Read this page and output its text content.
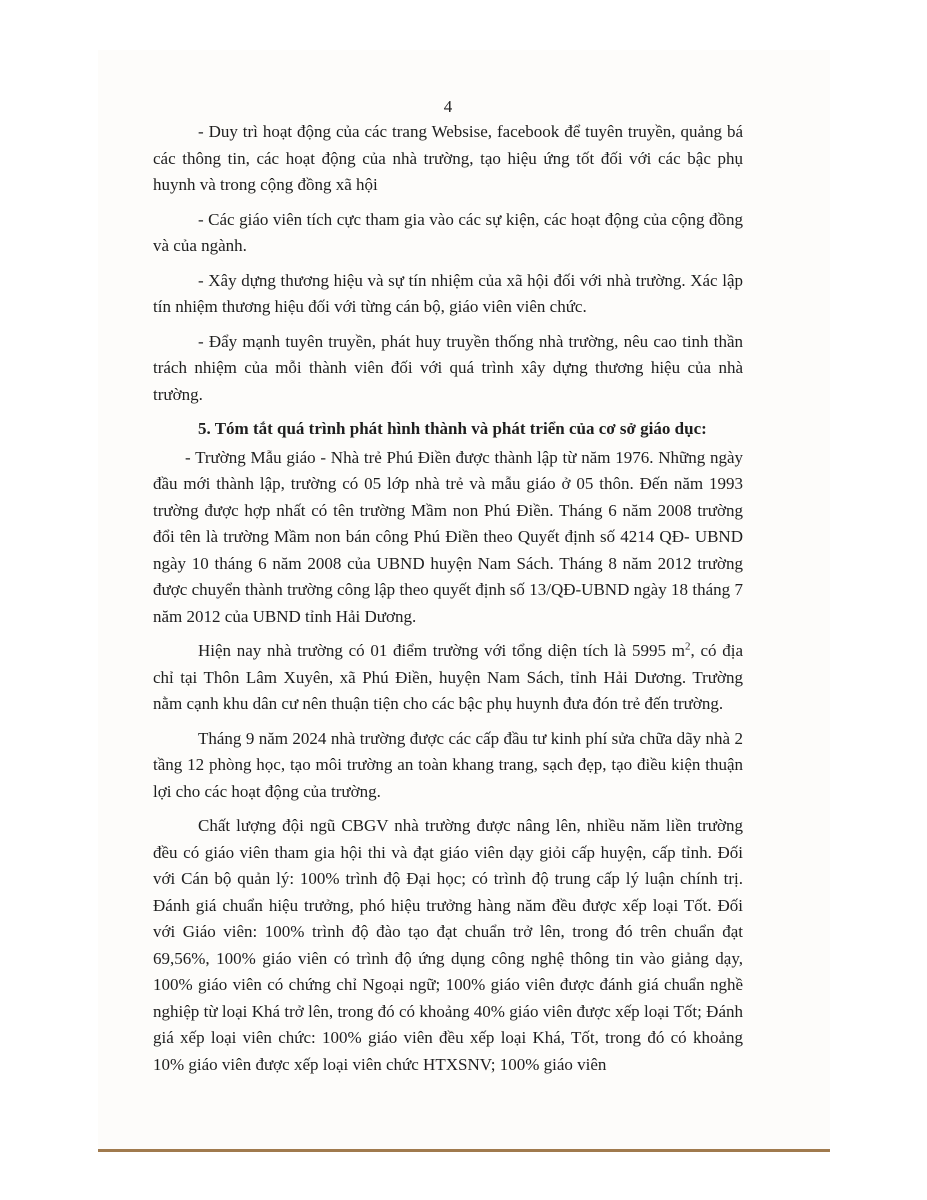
4

- Duy trì hoạt động của các trang Websise, facebook để tuyên truyền, quảng bá các thông tin, các hoạt động của nhà trường, tạo hiệu ứng tốt đối với các bậc phụ huynh và trong cộng đồng xã hội

- Các giáo viên tích cực tham gia vào các sự kiện, các hoạt động của cộng đồng và của ngành.

- Xây dựng thương hiệu và sự tín nhiệm của xã hội đối với nhà trường. Xác lập tín nhiệm thương hiệu đối với từng cán bộ, giáo viên viên chức.

- Đẩy mạnh tuyên truyền, phát huy truyền thống nhà trường, nêu cao tinh thần trách nhiệm của mỗi thành viên đối với quá trình xây dựng thương hiệu của nhà trường.

5. Tóm tắt quá trình phát hình thành và phát triển của cơ sở giáo dục:

- Trường Mẫu giáo - Nhà trẻ Phú Điền được thành lập từ năm 1976. Những ngày đầu mới thành lập, trường có 05 lớp nhà trẻ và mẫu giáo ở 05 thôn. Đến năm 1993 trường được hợp nhất có tên trường Mầm non Phú Điền. Tháng 6 năm 2008 trường đổi tên là trường Mầm non bán công Phú Điền theo Quyết định số 4214 QĐ- UBND ngày 10 tháng 6 năm 2008 của UBND huyện Nam Sách. Tháng 8 năm 2012 trường được chuyển thành trường công lập theo quyết định số 13/QĐ-UBND ngày 18 tháng 7 năm 2012 của UBND tỉnh Hải Dương.

Hiện nay nhà trường có 01 điểm trường với tổng diện tích là 5995 $m^2$, có địa chỉ tại Thôn Lâm Xuyên, xã Phú Điền, huyện Nam Sách, tỉnh Hải Dương. Trường nằm cạnh khu dân cư nên thuận tiện cho các bậc phụ huynh đưa đón trẻ đến trường.

Tháng 9 năm 2024 nhà trường được các cấp đầu tư kinh phí sửa chữa dãy nhà 2 tầng 12 phòng học, tạo môi trường an toàn khang trang, sạch đẹp, tạo điều kiện thuận lợi cho các hoạt động của trường.

Chất lượng đội ngũ CBGV nhà trường được nâng lên, nhiều năm liền trường đều có giáo viên tham gia hội thi và đạt giáo viên dạy giỏi cấp huyện, cấp tỉnh. Đối với Cán bộ quản lý: 100% trình độ Đại học; có trình độ trung cấp lý luận chính trị. Đánh giá chuẩn hiệu trưởng, phó hiệu trưởng hàng năm đều được xếp loại Tốt. Đối với Giáo viên: 100% trình độ đào tạo đạt chuẩn trở lên, trong đó trên chuẩn đạt 69,56%, 100% giáo viên có trình độ ứng dụng công nghệ thông tin vào giảng dạy, 100% giáo viên có chứng chỉ Ngoại ngữ; 100% giáo viên được đánh giá chuẩn nghề nghiệp từ loại Khá trở lên, trong đó có khoảng 40% giáo viên được xếp loại Tốt; Đánh giá xếp loại viên chức: 100% giáo viên đều xếp loại Khá, Tốt, trong đó có khoảng 10% giáo viên được xếp loại viên chức HTXSNV; 100% giáo viên
